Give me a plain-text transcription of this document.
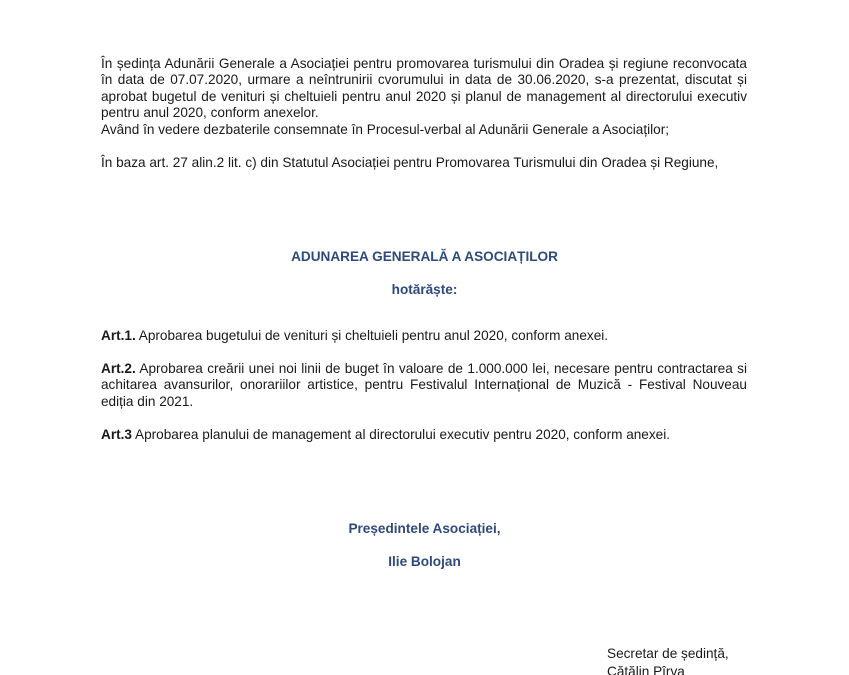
În ședința Adunării Generale a Asociației pentru promovarea turismului din Oradea și regiune reconvocata în data de 07.07.2020, urmare a neîntrunirii cvorumului in data de 30.06.2020, s-a prezentat, discutat și aprobat bugetul de venituri și cheltuieli pentru anul 2020 și planul de management al directorului executiv pentru anul 2020, conform anexelor.

Având în vedere dezbaterile consemnate în Procesul-verbal al Adunării Generale a Asociaților;

În baza art. 27 alin.2 lit. c) din Statutul Asociației pentru Promovarea Turismului din Oradea și Regiune,

ADUNAREA GENERALĂ A ASOCIAȚILOR

hotărăște:

Art.1. Aprobarea bugetului de venituri și cheltuieli pentru anul 2020, conform anexei.

Art.2. Aprobarea creării unei noi linii de buget în valoare de 1.000.000 lei, necesare pentru contractarea si achitarea avansurilor, onorariilor artistice, pentru Festivalul Internațional de Muzică - Festival Nouveau ediția din 2021.

Art.3 Aprobarea planului de management al directorului executiv pentru 2020, conform anexei.

Președintele Asociației,

Ilie Bolojan

Secretar de ședință,

Cătălin Pîrva
